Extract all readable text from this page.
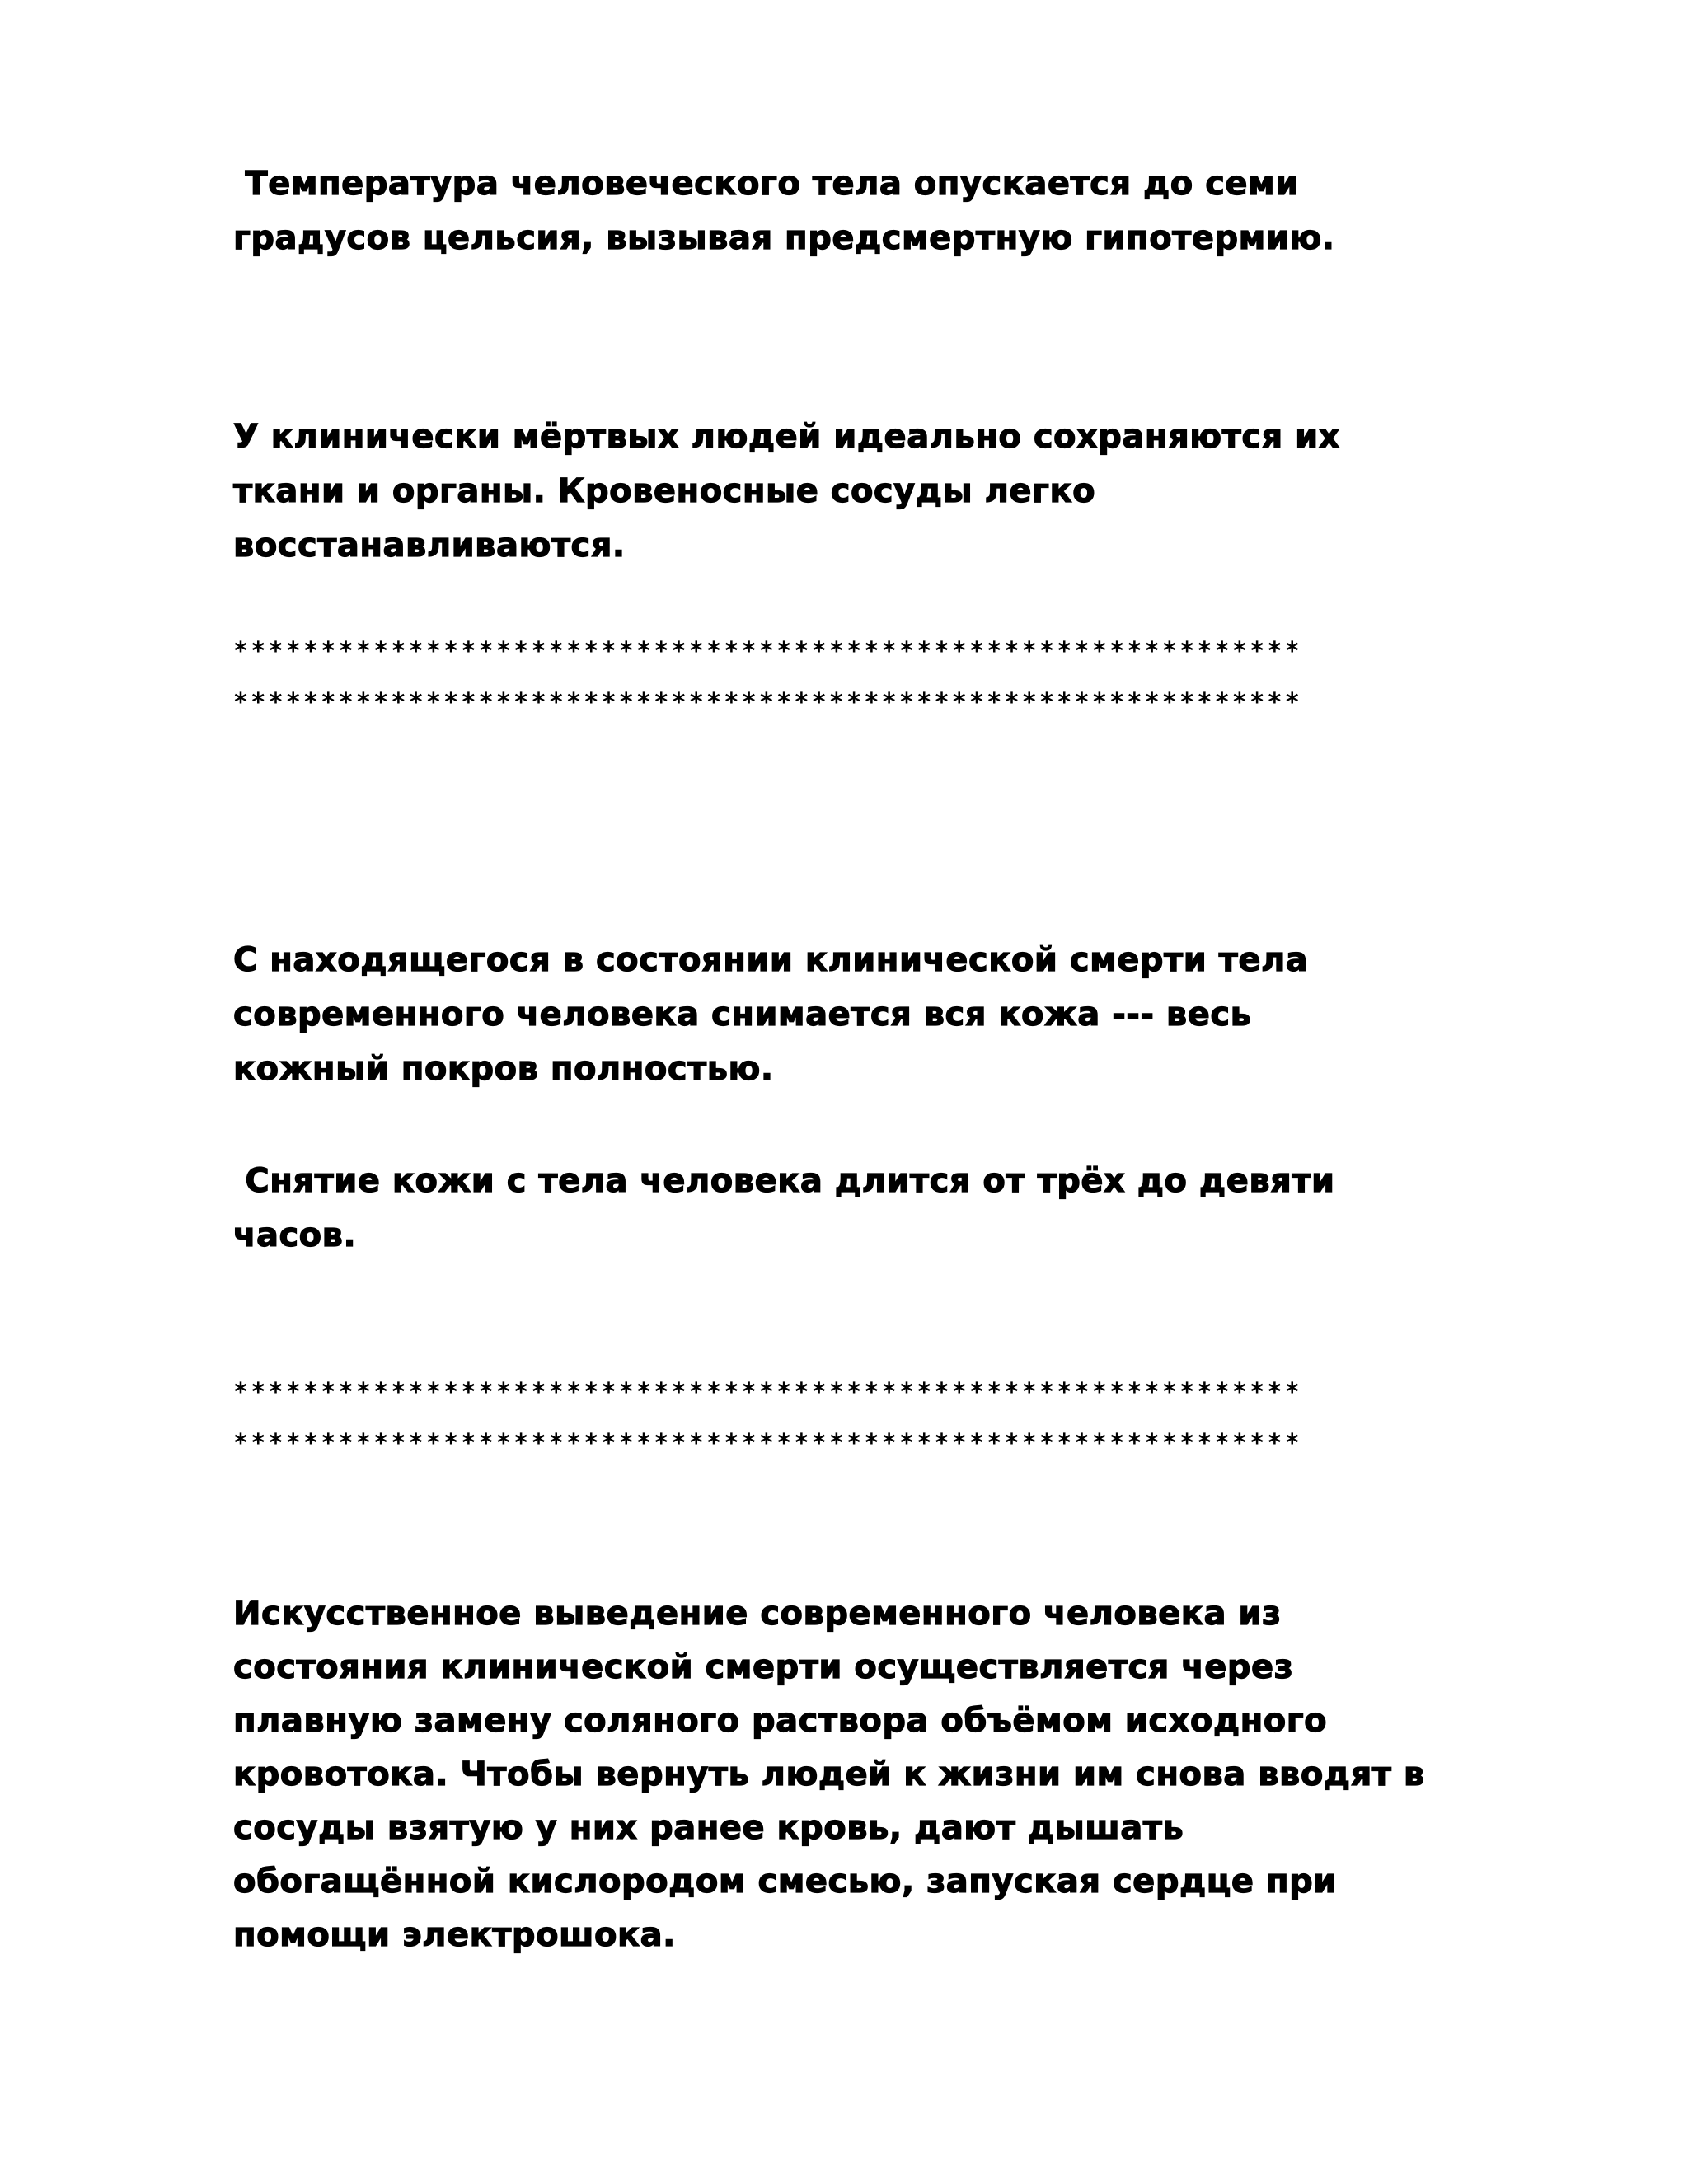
Температура человеческого тела опускается до семи

градусов цельсия, вызывая предсмертную гипотермию.

У клинически мёртвых людей идеально сохраняются их

ткани и органы. Кровеносные сосуды легко

восстанавливаются.

*************************************************************

*************************************************************

С находящегося в состоянии клинической смерти тела

современного человека снимается вся кожа --- весь

кожный покров полностью.

Снятие кожи с тела человека длится от трёх до девяти

часов.

*************************************************************

*************************************************************

Искусственное выведение современного человека из

состояния клинической смерти осуществляется через

плавную замену соляного раствора объёмом исходного

кровотока. Чтобы вернуть людей к жизни им снова вводят в

сосуды взятую у них ранее кровь, дают дышать

обогащённой кислородом смесью, запуская сердце при

помощи электрошока.
